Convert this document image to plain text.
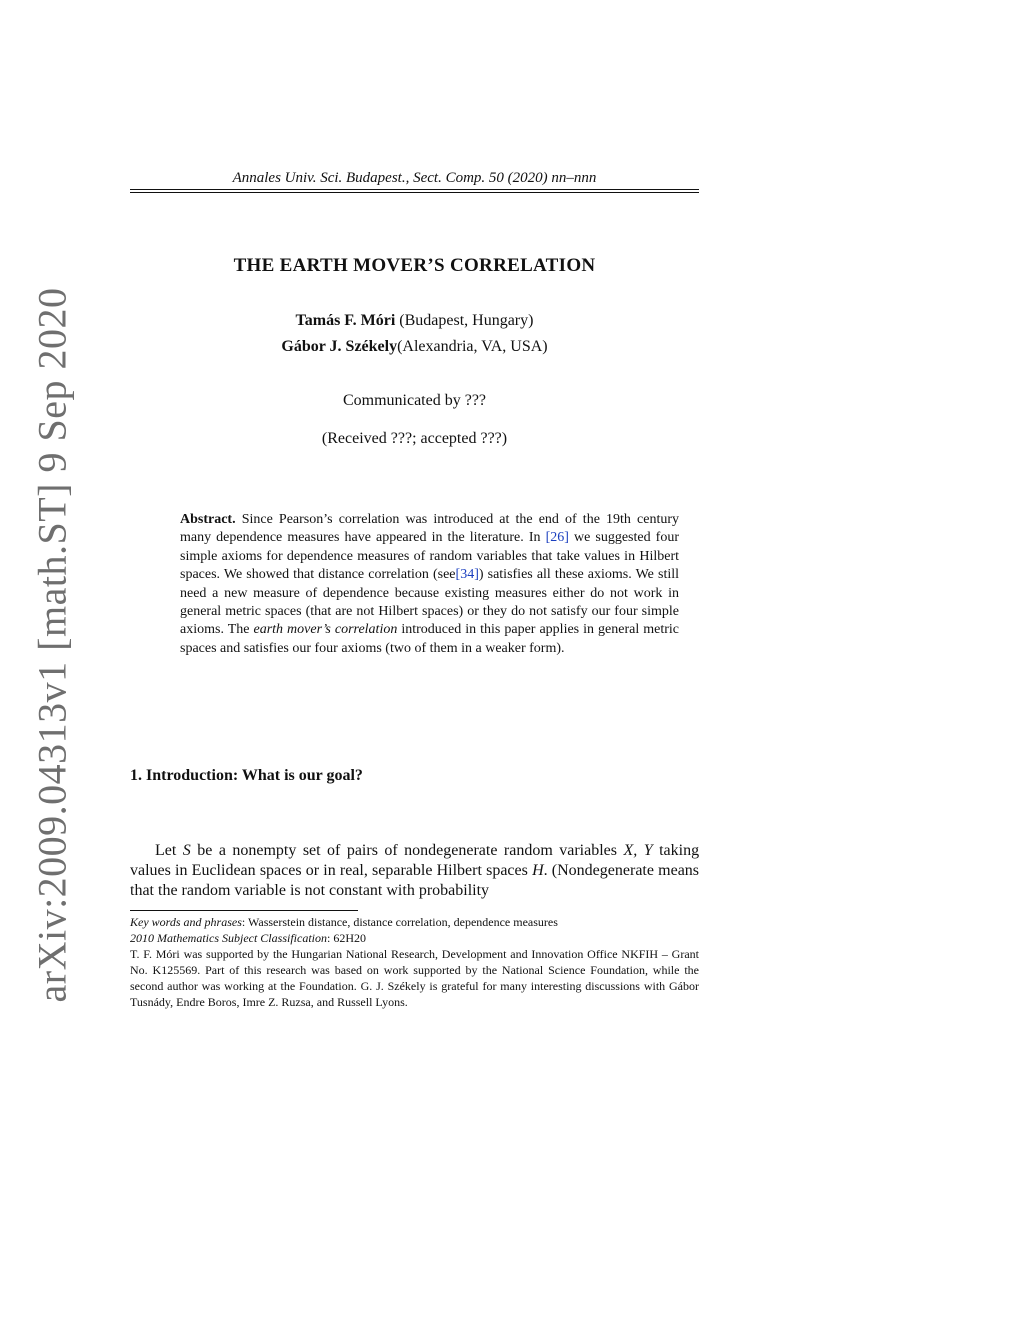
arXiv:2009.04313v1 [math.ST] 9 Sep 2020
Annales Univ. Sci. Budapest., Sect. Comp. 50 (2020) nn–nnn
THE EARTH MOVER’S CORRELATION
Tamás F. Móri (Budapest, Hungary)
Gábor J. Székely(Alexandria, VA, USA)
Communicated by ???
(Received ???; accepted ???)
Abstract. Since Pearson’s correlation was introduced at the end of the 19th century many dependence measures have appeared in the literature. In [26] we suggested four simple axioms for dependence measures of random variables that take values in Hilbert spaces. We showed that distance correlation (see[34]) satisfies all these axioms. We still need a new measure of dependence because existing measures either do not work in general metric spaces (that are not Hilbert spaces) or they do not satisfy our four simple axioms. The earth mover’s correlation introduced in this paper applies in general metric spaces and satisfies our four axioms (two of them in a weaker form).
1. Introduction: What is our goal?

Let S be a nonempty set of pairs of nondegenerate random variables X, Y taking values in Euclidean spaces or in real, separable Hilbert spaces H. (Nondegenerate means that the random variable is not constant with probability

Key words and phrases: Wasserstein distance, distance correlation, dependence measures
2010 Mathematics Subject Classification: 62H20
T. F. Móri was supported by the Hungarian National Research, Development and Innovation Office NKFIH – Grant No. K125569. Part of this research was based on work supported by the National Science Foundation, while the second author was working at the Foundation. G. J. Székely is grateful for many interesting discussions with Gábor Tusnády, Endre Boros, Imre Z. Ruzsa, and Russell Lyons.
